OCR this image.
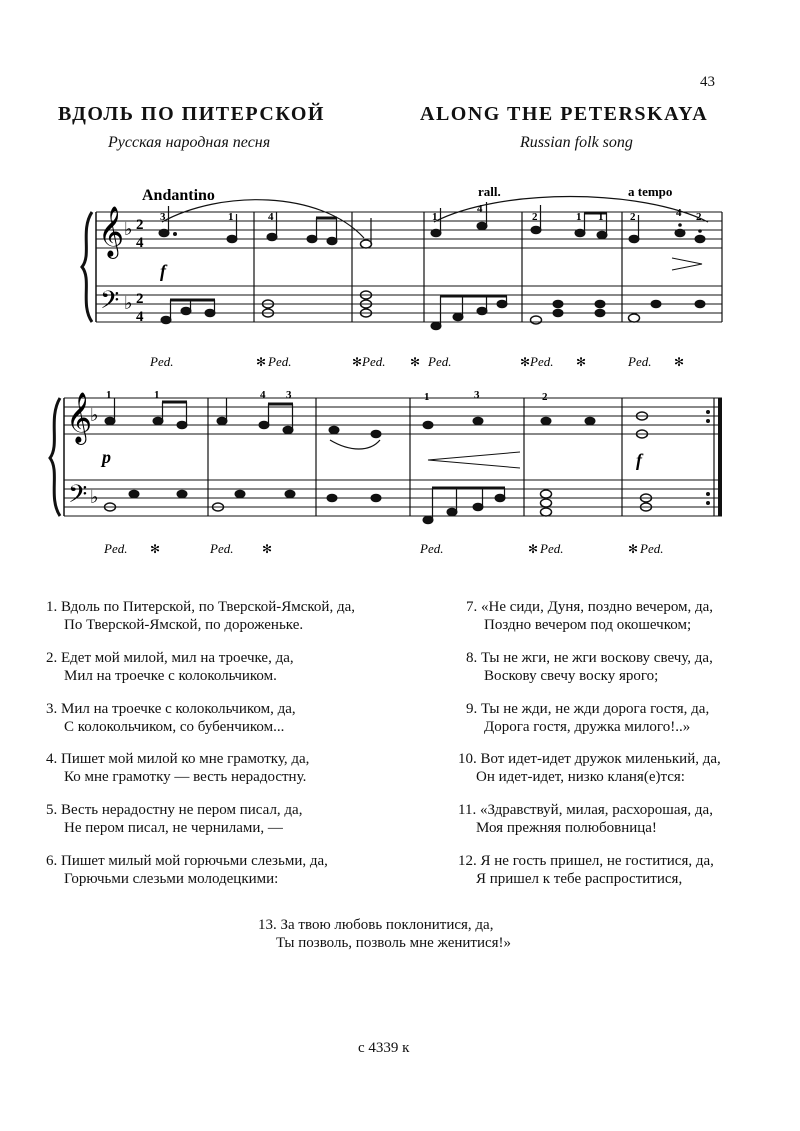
43
ВДОЛЬ ПО ПИТЕРСКОЙ	ALONG THE PETERSKAYA
Русская народная песня	Russian folk song
Andantino	rall.	a tempo
𝄞
𝄢
♭
♭
2
4
2
4
3	1	4	1
4
2	1 1 2	4 2
f
Ped.	Ped.	Ped.	Ped.	Ped.	Ped.
✻	✻	✻	✻	✻	✻
𝄞
𝄢
♭
♭
1	1	4 3	1	3	2
p	f
Ped.	Ped.	Ped.	Ped.	Ped.
✻	✻	✻	✻
1. Вдоль по Питерской, по Тверской-Ямской, да,
По Тверской-Ямской, по дороженьке.
2. Едет мой милой, мил на троечке, да,
Мил на троечке с колокольчиком.
3. Мил на троечке с колокольчиком, да,
С колокольчиком, со бубенчиком...
4. Пишет мой милой ко мне грамотку, да,
Ко мне грамотку — весть нерадостну.
5. Весть нерадостну не пером писал, да,
Не пером писал, не чернилами, —
6. Пишет милый мой горючьми слезьми, да,
Горючьми слезьми молодецкими:
7. «Не сиди, Дуня, поздно вечером, да,
Поздно вечером под окошечком;
8. Ты не жги, не жги воскову свечу, да,
Воскову свечу воску ярого;
9. Ты не жди, не жди дорога гостя, да,
Дорога гостя, дружка милого!..»
10. Вот идет-идет дружок миленький, да,
Он идет-идет, низко кланя(е)тся:
11. «Здравствуй, милая, расхорошая, да,
Моя прежняя полюбовница!
12. Я не гость пришел, не гоститися, да,
Я пришел к тебе распроститися,
13. За твою любовь поклонитися, да,
Ты позволь, позволь мне женитися!»
с 4339 к
